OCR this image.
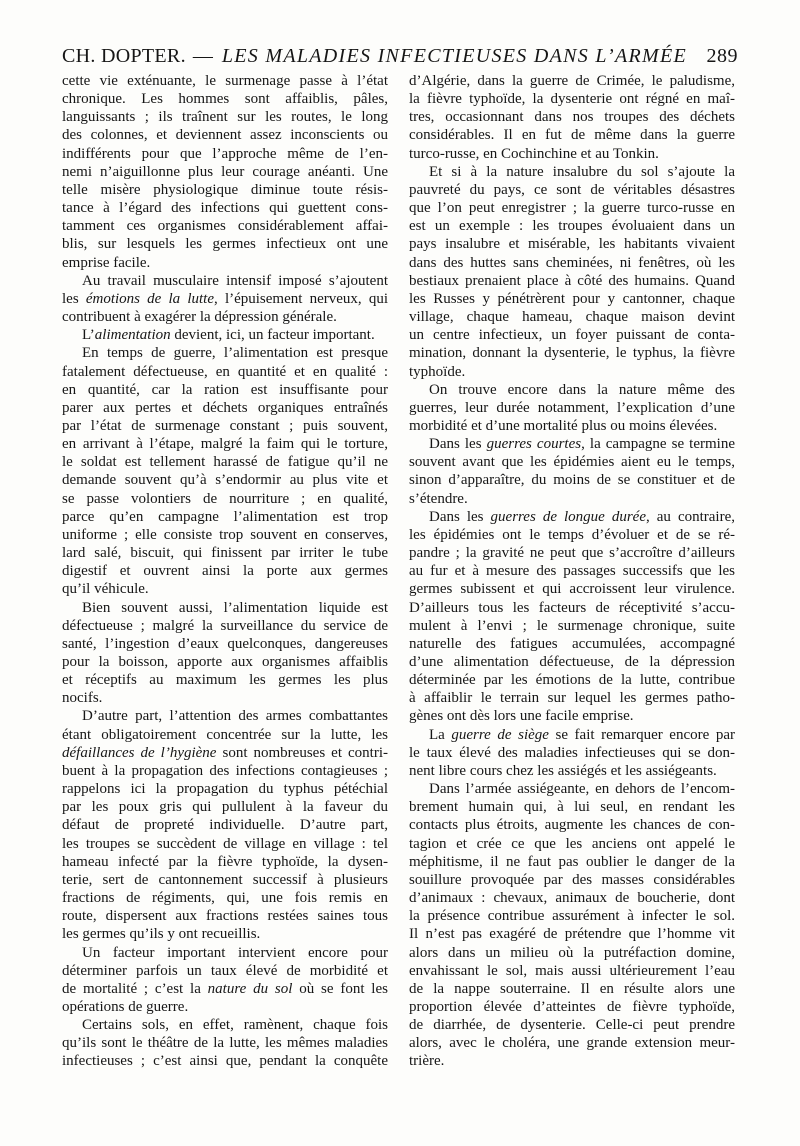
CH. DOPTER. — LES MALADIES INFECTIEUSES DANS L’ARMÉE 289
cette vie exténuante, le surmenage passe à l’état
chronique. Les hommes sont affaiblis, pâles,
languissants ; ils traînent sur les routes, le long
des colonnes, et deviennent assez inconscients ou
indifférents pour que l’approche même de l’en-
nemi n’aiguillonne plus leur courage anéanti. Une
telle misère physiologique diminue toute résis-
tance à l’égard des infections qui guettent cons-
tamment ces organismes considérablement affai-
blis, sur lesquels les germes infectieux ont une
emprise facile.
Au travail musculaire intensif imposé s’ajoutent
les émotions de la lutte, l’épuisement nerveux, qui
contribuent à exagérer la dépression générale.
L’alimentation devient, ici, un facteur important.
En temps de guerre, l’alimentation est presque
fatalement défectueuse, en quantité et en qualité :
en quantité, car la ration est insuffisante pour
parer aux pertes et déchets organiques entraînés
par l’état de surmenage constant ; puis souvent,
en arrivant à l’étape, malgré la faim qui le torture,
le soldat est tellement harassé de fatigue qu’il ne
demande souvent qu’à s’endormir au plus vite et
se passe volontiers de nourriture ; en qualité,
parce qu’en campagne l’alimentation est trop
uniforme ; elle consiste trop souvent en conserves,
lard salé, biscuit, qui finissent par irriter le tube
digestif et ouvrent ainsi la porte aux germes
qu’il véhicule.
Bien souvent aussi, l’alimentation liquide est
défectueuse ; malgré la surveillance du service de
santé, l’ingestion d’eaux quelconques, dangereuses
pour la boisson, apporte aux organismes affaiblis
et réceptifs au maximum les germes les plus
nocifs.
D’autre part, l’attention des armes combattantes
étant obligatoirement concentrée sur la lutte, les
défaillances de l’hygiène sont nombreuses et contri-
buent à la propagation des infections contagieuses ;
rappelons ici la propagation du typhus pétéchial
par les poux gris qui pullulent à la faveur du
défaut de propreté individuelle. D’autre part,
les troupes se succèdent de village en village : tel
hameau infecté par la fièvre typhoïde, la dysen-
terie, sert de cantonnement successif à plusieurs
fractions de régiments, qui, une fois remis en
route, dispersent aux fractions restées saines tous
les germes qu’ils y ont recueillis.
Un facteur important intervient encore pour
déterminer parfois un taux élevé de morbidité et
de mortalité ; c’est la nature du sol où se font les
opérations de guerre.
Certains sols, en effet, ramènent, chaque fois
qu’ils sont le théâtre de la lutte, les mêmes maladies
infectieuses ; c’est ainsi que, pendant la conquête
d’Algérie, dans la guerre de Crimée, le paludisme,
la fièvre typhoïde, la dysenterie ont régné en maî-
tres, occasionnant dans nos troupes des déchets
considérables. Il en fut de même dans la guerre
turco-russe, en Cochinchine et au Tonkin.
Et si à la nature insalubre du sol s’ajoute la
pauvreté du pays, ce sont de véritables désastres
que l’on peut enregistrer ; la guerre turco-russe en
est un exemple : les troupes évoluaient dans un
pays insalubre et misérable, les habitants vivaient
dans des huttes sans cheminées, ni fenêtres, où les
bestiaux prenaient place à côté des humains. Quand
les Russes y pénétrèrent pour y cantonner, chaque
village, chaque hameau, chaque maison devint
un centre infectieux, un foyer puissant de conta-
mination, donnant la dysenterie, le typhus, la fièvre
typhoïde.
On trouve encore dans la nature même des
guerres, leur durée notamment, l’explication d’une
morbidité et d’une mortalité plus ou moins élevées.
Dans les guerres courtes, la campagne se termine
souvent avant que les épidémies aient eu le temps,
sinon d’apparaître, du moins de se constituer et de
s’étendre.
Dans les guerres de longue durée, au contraire,
les épidémies ont le temps d’évoluer et de se ré-
pandre ; la gravité ne peut que s’accroître d’ailleurs
au fur et à mesure des passages successifs que les
germes subissent et qui accroissent leur virulence.
D’ailleurs tous les facteurs de réceptivité s’accu-
mulent à l’envi ; le surmenage chronique, suite
naturelle des fatigues accumulées, accompagné
d’une alimentation défectueuse, de la dépression
déterminée par les émotions de la lutte, contribue
à affaiblir le terrain sur lequel les germes patho-
gènes ont dès lors une facile emprise.
La guerre de siège se fait remarquer encore par
le taux élevé des maladies infectieuses qui se don-
nent libre cours chez les assiégés et les assiégeants.
Dans l’armée assiégeante, en dehors de l’encom-
brement humain qui, à lui seul, en rendant les
contacts plus étroits, augmente les chances de con-
tagion et crée ce que les anciens ont appelé le
méphitisme, il ne faut pas oublier le danger de la
souillure provoquée par des masses considérables
d’animaux : chevaux, animaux de boucherie, dont
la présence contribue assurément à infecter le sol.
Il n’est pas exagéré de prétendre que l’homme vit
alors dans un milieu où la putréfaction domine,
envahissant le sol, mais aussi ultérieurement l’eau
de la nappe souterraine. Il en résulte alors une
proportion élevée d’atteintes de fièvre typhoïde,
de diarrhée, de dysenterie. Celle-ci peut prendre
alors, avec le choléra, une grande extension meur-
trière.
